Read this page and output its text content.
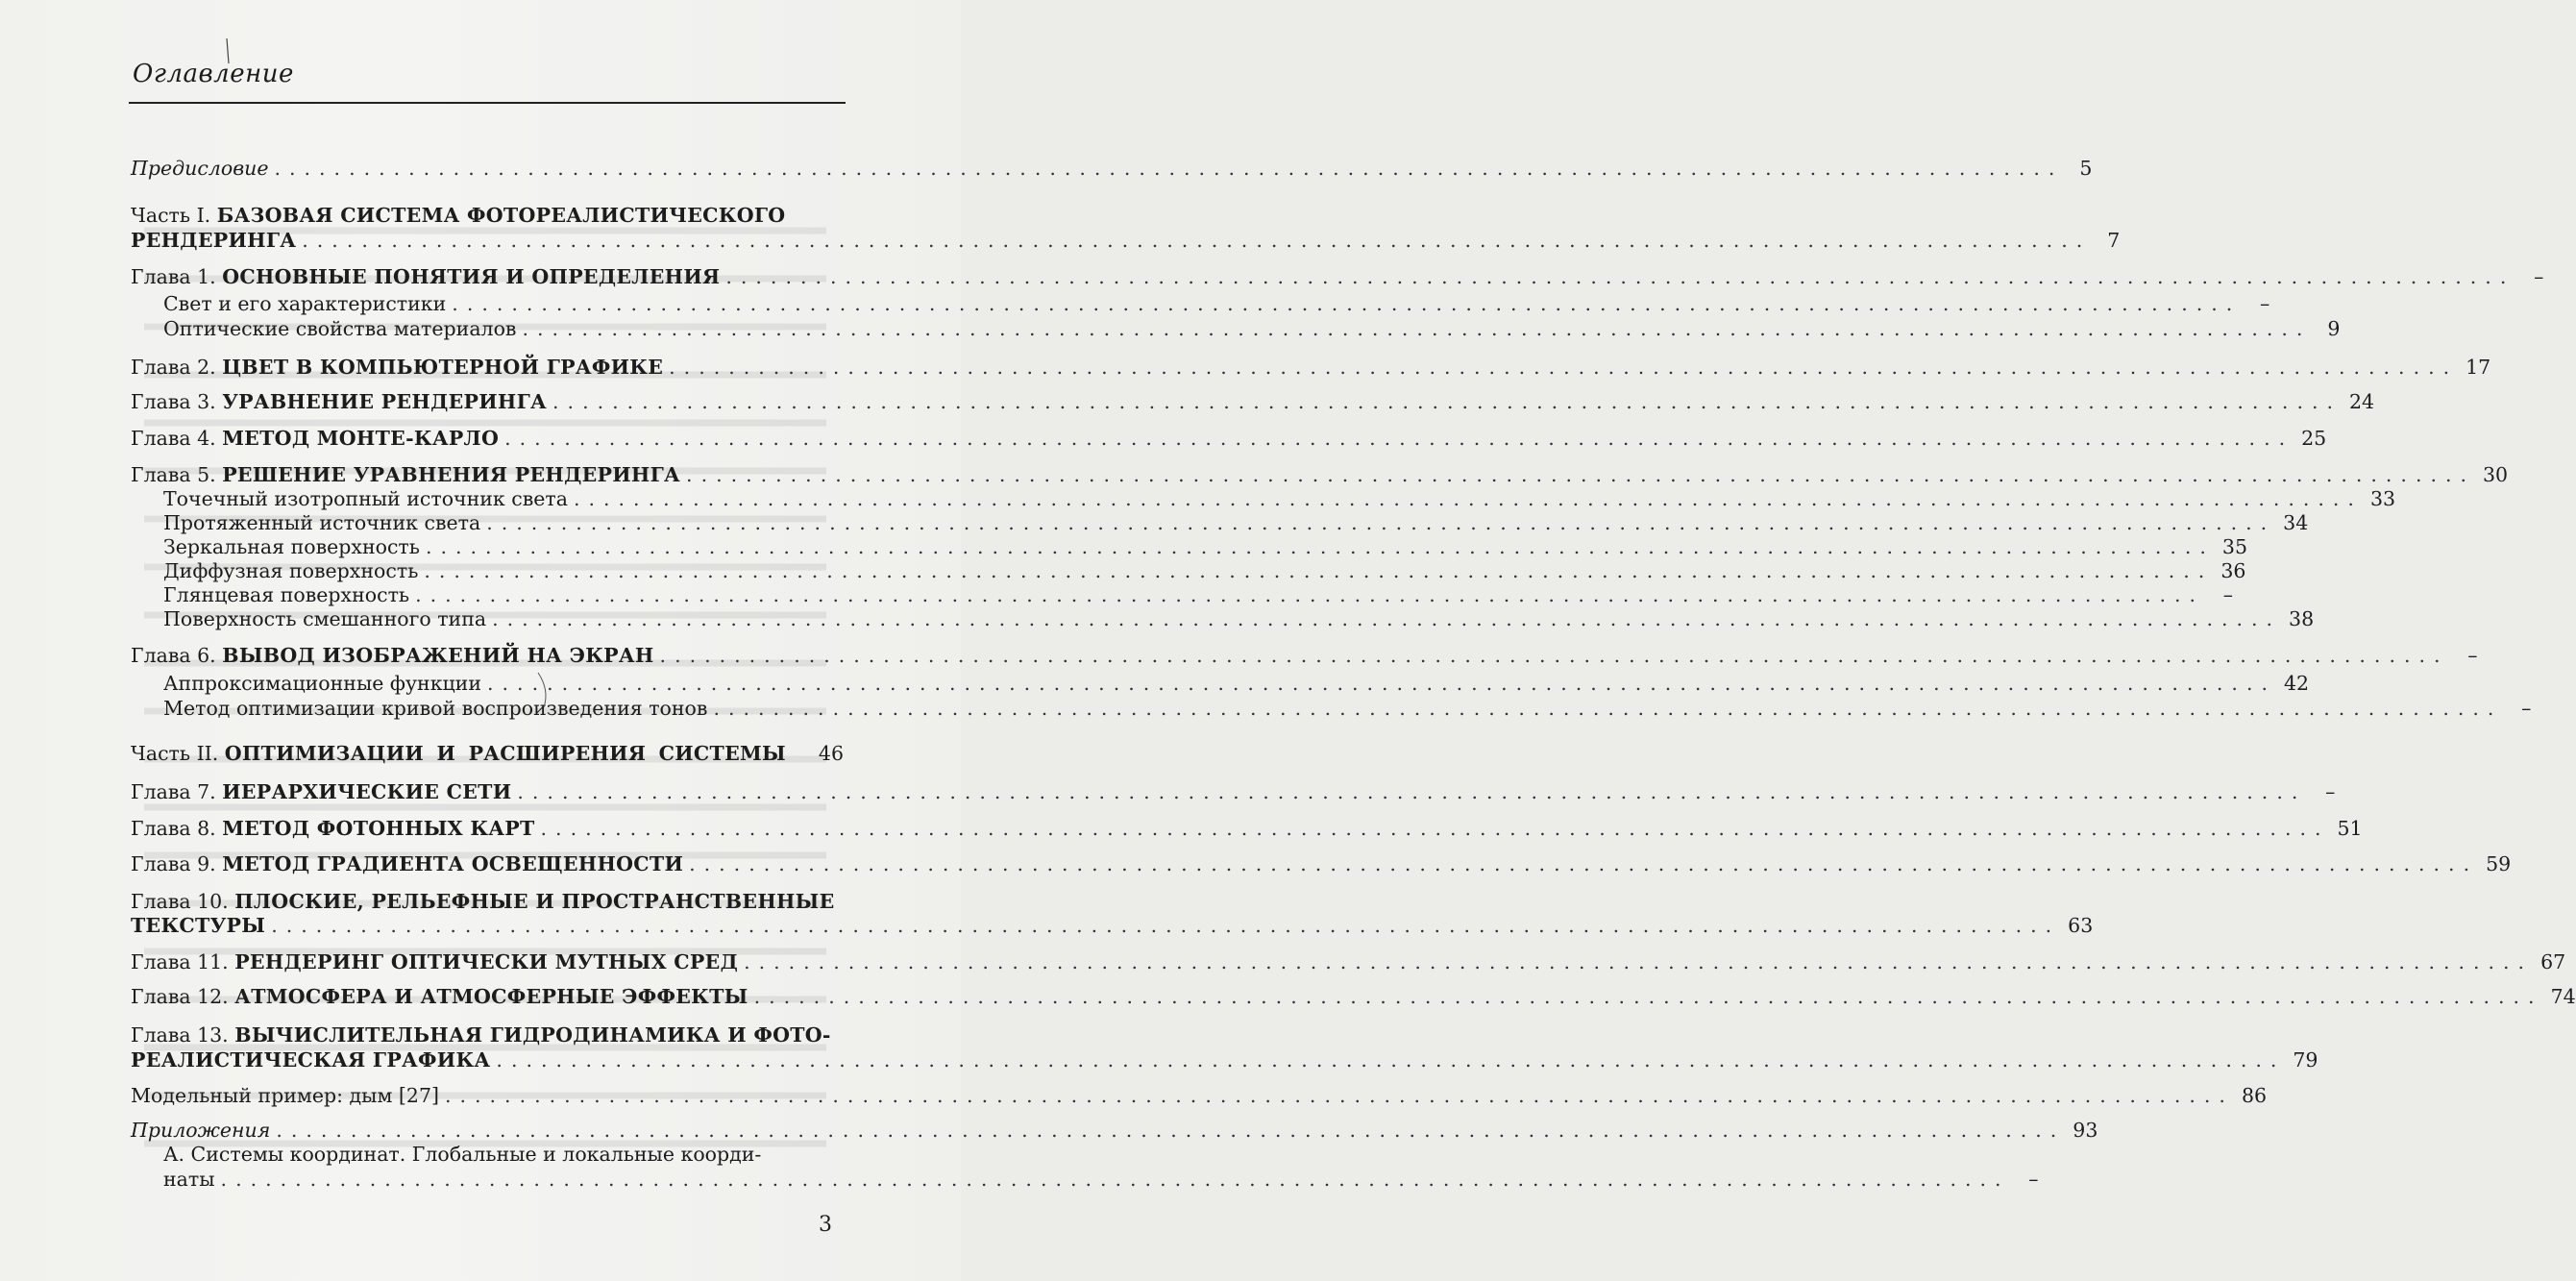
Оглавление
Предисловие ........................................................................................................................ 5
Часть I. БАЗОВАЯ СИСТЕМА ФОТОРЕАЛИСТИЧЕСКОГО
РЕНДЕРИНГА ........................................................................................................................ 7
Глава 1. ОСНОВНЫЕ ПОНЯТИЯ И ОПРЕДЕЛЕНИЯ ........................................................................................................................ –
Свет и его характеристики ........................................................................................................................ –
Оптические свойства материалов ........................................................................................................................ 9
Глава 2. ЦВЕТ В КОМПЬЮТЕРНОЙ ГРАФИКЕ ........................................................................................................................ 17
Глава 3. УРАВНЕНИЕ РЕНДЕРИНГА ........................................................................................................................ 24
Глава 4. МЕТОД МОНТЕ-КАРЛО ........................................................................................................................ 25
Глава 5. РЕШЕНИЕ УРАВНЕНИЯ РЕНДЕРИНГА ........................................................................................................................ 30
Точечный изотропный источник света ........................................................................................................................ 33
Протяженный источник света ........................................................................................................................ 34
Зеркальная поверхность ........................................................................................................................ 35
Диффузная поверхность ........................................................................................................................ 36
Глянцевая поверхность ........................................................................................................................ –
Поверхность смешанного типа ........................................................................................................................ 38
Глава 6. ВЫВОД ИЗОБРАЖЕНИЙ НА ЭКРАН ........................................................................................................................ –
Аппроксимационные функции ........................................................................................................................ 42
Метод оптимизации кривой воспроизведения тонов ........................................................................................................................ –
Часть II. ОПТИМИЗАЦИИ И РАСШИРЕНИЯ СИСТЕМЫ 46
Глава 7. ИЕРАРХИЧЕСКИЕ СЕТИ ........................................................................................................................ –
Глава 8. МЕТОД ФОТОННЫХ КАРТ ........................................................................................................................ 51
Глава 9. МЕТОД ГРАДИЕНТА ОСВЕЩЕННОСТИ ........................................................................................................................ 59
Глава 10. ПЛОСКИЕ, РЕЛЬЕФНЫЕ И ПРОСТРАНСТВЕННЫЕ
ТЕКСТУРЫ ........................................................................................................................ 63
Глава 11. РЕНДЕРИНГ ОПТИЧЕСКИ МУТНЫХ СРЕД ........................................................................................................................ 67
Глава 12. АТМОСФЕРА И АТМОСФЕРНЫЕ ЭФФЕКТЫ ........................................................................................................................ 74
Глава 13. ВЫЧИСЛИТЕЛЬНАЯ ГИДРОДИНАМИКА И ФОТО-
РЕАЛИСТИЧЕСКАЯ ГРАФИКА ........................................................................................................................ 79
Модельный пример: дым [27] ........................................................................................................................ 86
Приложения ........................................................................................................................ 93
А. Системы координат. Глобальные и локальные коорди-
наты ........................................................................................................................ –
3
